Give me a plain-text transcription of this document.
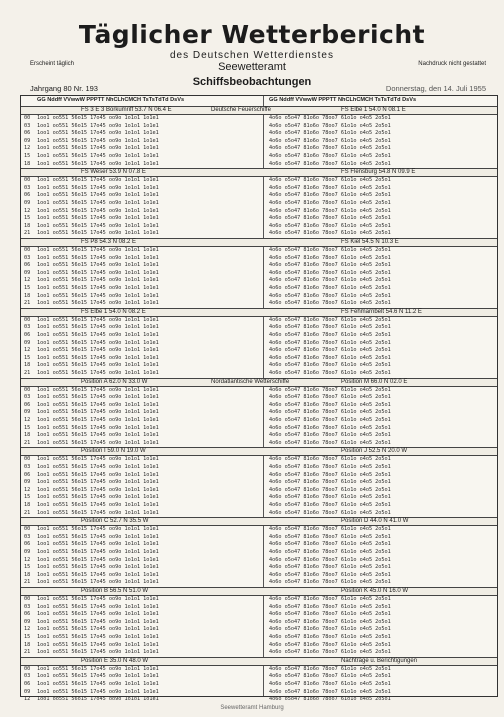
Täglicher Wetterbericht
des Deutschen Wetterdienstes
Erscheint täglich	Nachdruck nicht gestattet
Seewetteramt
Schiffsbeobachtungen
Jahrgang 80 Nr. 193	Donnerstag, den 14. Juli 1955
GG Nddff VVwwW PPPTT NhCLhCMCH TsTsTdTd DsVs	GG Nddff VVwwW PPPTT NhCLhCMCH TsTsTdTd DsVs
FS 3 E 3 Borkumriff 53.7 N 06.4 E	Deutsche Feuerschiffe	FS Elbe 1 54.0 N 08.1 E
00	1oo1 oo551 56o15 17o45 oo9o 1o1o1 1o1e1	4o6o o5o47 81o6o 78oo7 61o1o o4o5 2o5o1
03	1oo1 oo551 56o15 17o45 oo9o 1o1o1 1o1e1	4o6o o5o47 81o6o 78oo7 61o1o o4o5 2o5o1
06	1oo1 oo551 56o15 17o45 oo9o 1o1o1 1o1e1	4o6o o5o47 81o6o 78oo7 61o1o o4o5 2o5o1
09	1oo1 oo551 56o15 17o45 oo9o 1o1o1 1o1e1	4o6o o5o47 81o6o 78oo7 61o1o o4o5 2o5o1
12	1oo1 oo551 56o15 17o45 oo9o 1o1o1 1o1e1	4o6o o5o47 81o6o 78oo7 61o1o o4o5 2o5o1
15	1oo1 oo551 56o15 17o45 oo9o 1o1o1 1o1e1	4o6o o5o47 81o6o 78oo7 61o1o o4o5 2o5o1
18	1oo1 oo551 56o15 17o45 oo9o 1o1o1 1o1e1	4o6o o5o47 81o6o 78oo7 61o1o o4o5 2o5o1
FS Weser 53.9 N 07.8 E	FS Flensburg 54.8 N 09.9 E
00	1oo1 oo551 56o15 17o45 oo9o 1o1o1 1o1e1	4o6o o5o47 81o6o 78oo7 61o1o o4o5 2o5o1
03	1oo1 oo551 56o15 17o45 oo9o 1o1o1 1o1e1	4o6o o5o47 81o6o 78oo7 61o1o o4o5 2o5o1
06	1oo1 oo551 56o15 17o45 oo9o 1o1o1 1o1e1	4o6o o5o47 81o6o 78oo7 61o1o o4o5 2o5o1
09	1oo1 oo551 56o15 17o45 oo9o 1o1o1 1o1e1	4o6o o5o47 81o6o 78oo7 61o1o o4o5 2o5o1
12	1oo1 oo551 56o15 17o45 oo9o 1o1o1 1o1e1	4o6o o5o47 81o6o 78oo7 61o1o o4o5 2o5o1
15	1oo1 oo551 56o15 17o45 oo9o 1o1o1 1o1e1	4o6o o5o47 81o6o 78oo7 61o1o o4o5 2o5o1
18	1oo1 oo551 56o15 17o45 oo9o 1o1o1 1o1e1	4o6o o5o47 81o6o 78oo7 61o1o o4o5 2o5o1
21	1oo1 oo551 56o15 17o45 oo9o 1o1o1 1o1e1	4o6o o5o47 81o6o 78oo7 61o1o o4o5 2o5o1
FS P8 54.3 N 08.2 E	FS Kiel 54.5 N 10.3 E
00	1oo1 oo551 56o15 17o45 oo9o 1o1o1 1o1e1	4o6o o5o47 81o6o 78oo7 61o1o o4o5 2o5o1
03	1oo1 oo551 56o15 17o45 oo9o 1o1o1 1o1e1	4o6o o5o47 81o6o 78oo7 61o1o o4o5 2o5o1
06	1oo1 oo551 56o15 17o45 oo9o 1o1o1 1o1e1	4o6o o5o47 81o6o 78oo7 61o1o o4o5 2o5o1
09	1oo1 oo551 56o15 17o45 oo9o 1o1o1 1o1e1	4o6o o5o47 81o6o 78oo7 61o1o o4o5 2o5o1
12	1oo1 oo551 56o15 17o45 oo9o 1o1o1 1o1e1	4o6o o5o47 81o6o 78oo7 61o1o o4o5 2o5o1
15	1oo1 oo551 56o15 17o45 oo9o 1o1o1 1o1e1	4o6o o5o47 81o6o 78oo7 61o1o o4o5 2o5o1
18	1oo1 oo551 56o15 17o45 oo9o 1o1o1 1o1e1	4o6o o5o47 81o6o 78oo7 61o1o o4o5 2o5o1
21	1oo1 oo551 56o15 17o45 oo9o 1o1o1 1o1e1	4o6o o5o47 81o6o 78oo7 61o1o o4o5 2o5o1
FS Elbe 1 54.0 N 08.2 E	FS Fehmarnbelt 54.6 N 11.2 E
00	1oo1 oo551 56o15 17o45 oo9o 1o1o1 1o1e1	4o6o o5o47 81o6o 78oo7 61o1o o4o5 2o5o1
03	1oo1 oo551 56o15 17o45 oo9o 1o1o1 1o1e1	4o6o o5o47 81o6o 78oo7 61o1o o4o5 2o5o1
06	1oo1 oo551 56o15 17o45 oo9o 1o1o1 1o1e1	4o6o o5o47 81o6o 78oo7 61o1o o4o5 2o5o1
09	1oo1 oo551 56o15 17o45 oo9o 1o1o1 1o1e1	4o6o o5o47 81o6o 78oo7 61o1o o4o5 2o5o1
12	1oo1 oo551 56o15 17o45 oo9o 1o1o1 1o1e1	4o6o o5o47 81o6o 78oo7 61o1o o4o5 2o5o1
15	1oo1 oo551 56o15 17o45 oo9o 1o1o1 1o1e1	4o6o o5o47 81o6o 78oo7 61o1o o4o5 2o5o1
18	1oo1 oo551 56o15 17o45 oo9o 1o1o1 1o1e1	4o6o o5o47 81o6o 78oo7 61o1o o4o5 2o5o1
21	1oo1 oo551 56o15 17o45 oo9o 1o1o1 1o1e1	4o6o o5o47 81o6o 78oo7 61o1o o4o5 2o5o1
Position A 62.0 N 33.0 W	Nordatlantische Wetterschiffe	Position M 66.0 N 02.0 E
00	1oo1 oo551 56o15 17o45 oo9o 1o1o1 1o1e1	4o6o o5o47 81o6o 78oo7 61o1o o4o5 2o5o1
03	1oo1 oo551 56o15 17o45 oo9o 1o1o1 1o1e1	4o6o o5o47 81o6o 78oo7 61o1o o4o5 2o5o1
06	1oo1 oo551 56o15 17o45 oo9o 1o1o1 1o1e1	4o6o o5o47 81o6o 78oo7 61o1o o4o5 2o5o1
09	1oo1 oo551 56o15 17o45 oo9o 1o1o1 1o1e1	4o6o o5o47 81o6o 78oo7 61o1o o4o5 2o5o1
12	1oo1 oo551 56o15 17o45 oo9o 1o1o1 1o1e1	4o6o o5o47 81o6o 78oo7 61o1o o4o5 2o5o1
15	1oo1 oo551 56o15 17o45 oo9o 1o1o1 1o1e1	4o6o o5o47 81o6o 78oo7 61o1o o4o5 2o5o1
18	1oo1 oo551 56o15 17o45 oo9o 1o1o1 1o1e1	4o6o o5o47 81o6o 78oo7 61o1o o4o5 2o5o1
21	1oo1 oo551 56o15 17o45 oo9o 1o1o1 1o1e1	4o6o o5o47 81o6o 78oo7 61o1o o4o5 2o5o1
Position I 59.0 N 19.0 W	Position J 52.5 N 20.0 W
00	1oo1 oo551 56o15 17o45 oo9o 1o1o1 1o1e1	4o6o o5o47 81o6o 78oo7 61o1o o4o5 2o5o1
03	1oo1 oo551 56o15 17o45 oo9o 1o1o1 1o1e1	4o6o o5o47 81o6o 78oo7 61o1o o4o5 2o5o1
06	1oo1 oo551 56o15 17o45 oo9o 1o1o1 1o1e1	4o6o o5o47 81o6o 78oo7 61o1o o4o5 2o5o1
09	1oo1 oo551 56o15 17o45 oo9o 1o1o1 1o1e1	4o6o o5o47 81o6o 78oo7 61o1o o4o5 2o5o1
12	1oo1 oo551 56o15 17o45 oo9o 1o1o1 1o1e1	4o6o o5o47 81o6o 78oo7 61o1o o4o5 2o5o1
15	1oo1 oo551 56o15 17o45 oo9o 1o1o1 1o1e1	4o6o o5o47 81o6o 78oo7 61o1o o4o5 2o5o1
18	1oo1 oo551 56o15 17o45 oo9o 1o1o1 1o1e1	4o6o o5o47 81o6o 78oo7 61o1o o4o5 2o5o1
21	1oo1 oo551 56o15 17o45 oo9o 1o1o1 1o1e1	4o6o o5o47 81o6o 78oo7 61o1o o4o5 2o5o1
Position C 52.7 N 35.5 W	Position D 44.0 N 41.0 W
00	1oo1 oo551 56o15 17o45 oo9o 1o1o1 1o1e1	4o6o o5o47 81o6o 78oo7 61o1o o4o5 2o5o1
03	1oo1 oo551 56o15 17o45 oo9o 1o1o1 1o1e1	4o6o o5o47 81o6o 78oo7 61o1o o4o5 2o5o1
06	1oo1 oo551 56o15 17o45 oo9o 1o1o1 1o1e1	4o6o o5o47 81o6o 78oo7 61o1o o4o5 2o5o1
09	1oo1 oo551 56o15 17o45 oo9o 1o1o1 1o1e1	4o6o o5o47 81o6o 78oo7 61o1o o4o5 2o5o1
12	1oo1 oo551 56o15 17o45 oo9o 1o1o1 1o1e1	4o6o o5o47 81o6o 78oo7 61o1o o4o5 2o5o1
15	1oo1 oo551 56o15 17o45 oo9o 1o1o1 1o1e1	4o6o o5o47 81o6o 78oo7 61o1o o4o5 2o5o1
18	1oo1 oo551 56o15 17o45 oo9o 1o1o1 1o1e1	4o6o o5o47 81o6o 78oo7 61o1o o4o5 2o5o1
21	1oo1 oo551 56o15 17o45 oo9o 1o1o1 1o1e1	4o6o o5o47 81o6o 78oo7 61o1o o4o5 2o5o1
Position B 56.5 N 51.0 W	Position K 45.0 N 16.0 W
00	1oo1 oo551 56o15 17o45 oo9o 1o1o1 1o1e1	4o6o o5o47 81o6o 78oo7 61o1o o4o5 2o5o1
03	1oo1 oo551 56o15 17o45 oo9o 1o1o1 1o1e1	4o6o o5o47 81o6o 78oo7 61o1o o4o5 2o5o1
06	1oo1 oo551 56o15 17o45 oo9o 1o1o1 1o1e1	4o6o o5o47 81o6o 78oo7 61o1o o4o5 2o5o1
09	1oo1 oo551 56o15 17o45 oo9o 1o1o1 1o1e1	4o6o o5o47 81o6o 78oo7 61o1o o4o5 2o5o1
12	1oo1 oo551 56o15 17o45 oo9o 1o1o1 1o1e1	4o6o o5o47 81o6o 78oo7 61o1o o4o5 2o5o1
15	1oo1 oo551 56o15 17o45 oo9o 1o1o1 1o1e1	4o6o o5o47 81o6o 78oo7 61o1o o4o5 2o5o1
18	1oo1 oo551 56o15 17o45 oo9o 1o1o1 1o1e1	4o6o o5o47 81o6o 78oo7 61o1o o4o5 2o5o1
21	1oo1 oo551 56o15 17o45 oo9o 1o1o1 1o1e1	4o6o o5o47 81o6o 78oo7 61o1o o4o5 2o5o1
Position E 35.0 N 48.0 W	Nachträge u. Berichtigungen
00	1oo1 oo551 56o15 17o45 oo9o 1o1o1 1o1e1	4o6o o5o47 81o6o 78oo7 61o1o o4o5 2o5o1
03	1oo1 oo551 56o15 17o45 oo9o 1o1o1 1o1e1	4o6o o5o47 81o6o 78oo7 61o1o o4o5 2o5o1
06	1oo1 oo551 56o15 17o45 oo9o 1o1o1 1o1e1	4o6o o5o47 81o6o 78oo7 61o1o o4o5 2o5o1
09	1oo1 oo551 56o15 17o45 oo9o 1o1o1 1o1e1	4o6o o5o47 81o6o 78oo7 61o1o o4o5 2o5o1
12	1oo1 oo551 56o15 17o45 oo9o 1o1o1 1o1e1	4o6o o5o47 81o6o 78oo7 61o1o o4o5 2o5o1
Seewetteramt Hamburg
